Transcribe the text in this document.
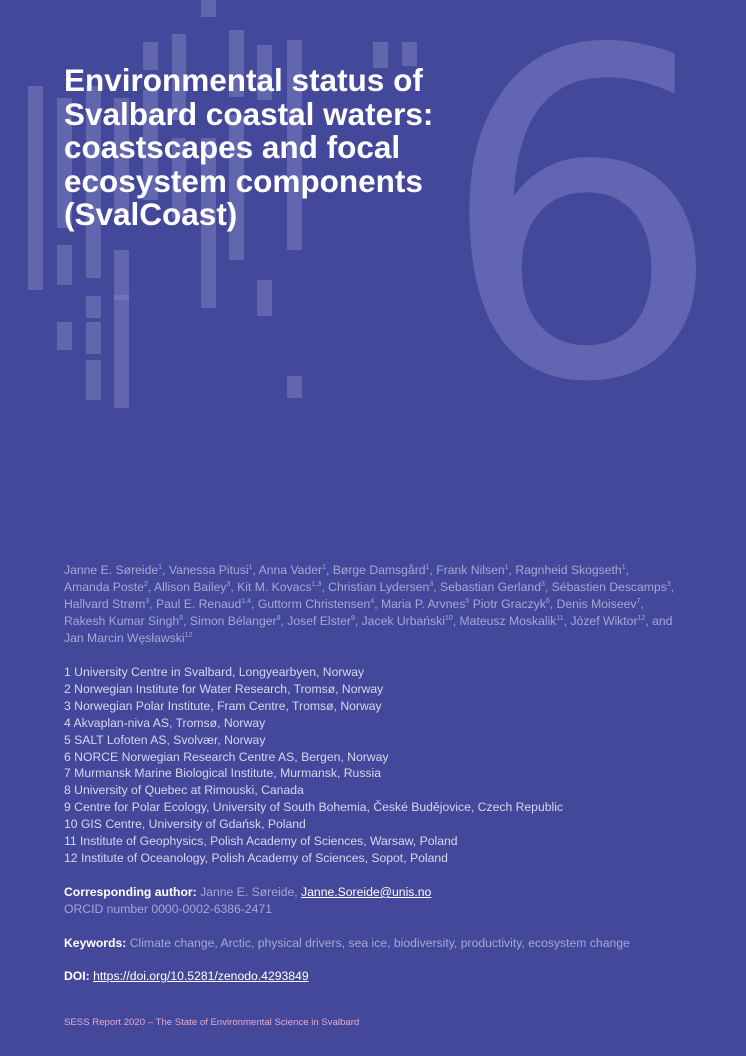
6
Environmental status of Svalbard coastal waters: coastscapes and focal ecosystem components (SvalCoast)
Janne E. Søreide$^1$, Vanessa Pitusi$^1$, Anna Vader$^1$, Børge Damsgård$^1$, Frank Nilsen$^1$, Ragnheid Skogseth$^1$, Amanda Poste$^2$, Allison Bailey$^3$, Kit M. Kovacs$^{1,3}$, Christian Lydersen$^3$, Sebastian Gerland$^3$, Sébastien Descamps$^3$, Hallvard Strøm$^3$, Paul E. Renaud$^{1,4}$, Guttorm Christensen$^4$, Maria P. Arvnes$^5$ Piotr Graczyk$^6$, Denis Moiseev$^7$, Rakesh Kumar Singh$^8$, Simon Bélanger$^8$, Josef Elster$^9$, Jacek Urbański$^{10}$, Mateusz Moskalik$^{11}$, Józef Wiktor$^{12}$, and Jan Marcin Węsławski$^{12}$
1 University Centre in Svalbard, Longyearbyen, Norway
2 Norwegian Institute for Water Research, Tromsø, Norway
3 Norwegian Polar Institute, Fram Centre, Tromsø, Norway
4 Akvaplan-niva AS, Tromsø, Norway
5 SALT Lofoten AS, Svolvær, Norway
6 NORCE Norwegian Research Centre AS, Bergen, Norway
7 Murmansk Marine Biological Institute, Murmansk, Russia
8 University of Quebec at Rimouski, Canada
9 Centre for Polar Ecology, University of South Bohemia, České Budějovice, Czech Republic
10 GIS Centre, University of Gdańsk, Poland
11 Institute of Geophysics, Polish Academy of Sciences, Warsaw, Poland
12 Institute of Oceanology, Polish Academy of Sciences, Sopot, Poland
Corresponding author: Janne E. Søreide, Janne.Soreide@unis.no
ORCID number 0000-0002-6386-2471
Keywords: Climate change, Arctic, physical drivers, sea ice, biodiversity, productivity, ecosystem change
DOI: https://doi.org/10.5281/zenodo.4293849
SESS Report 2020 – The State of Environmental Science in Svalbard
